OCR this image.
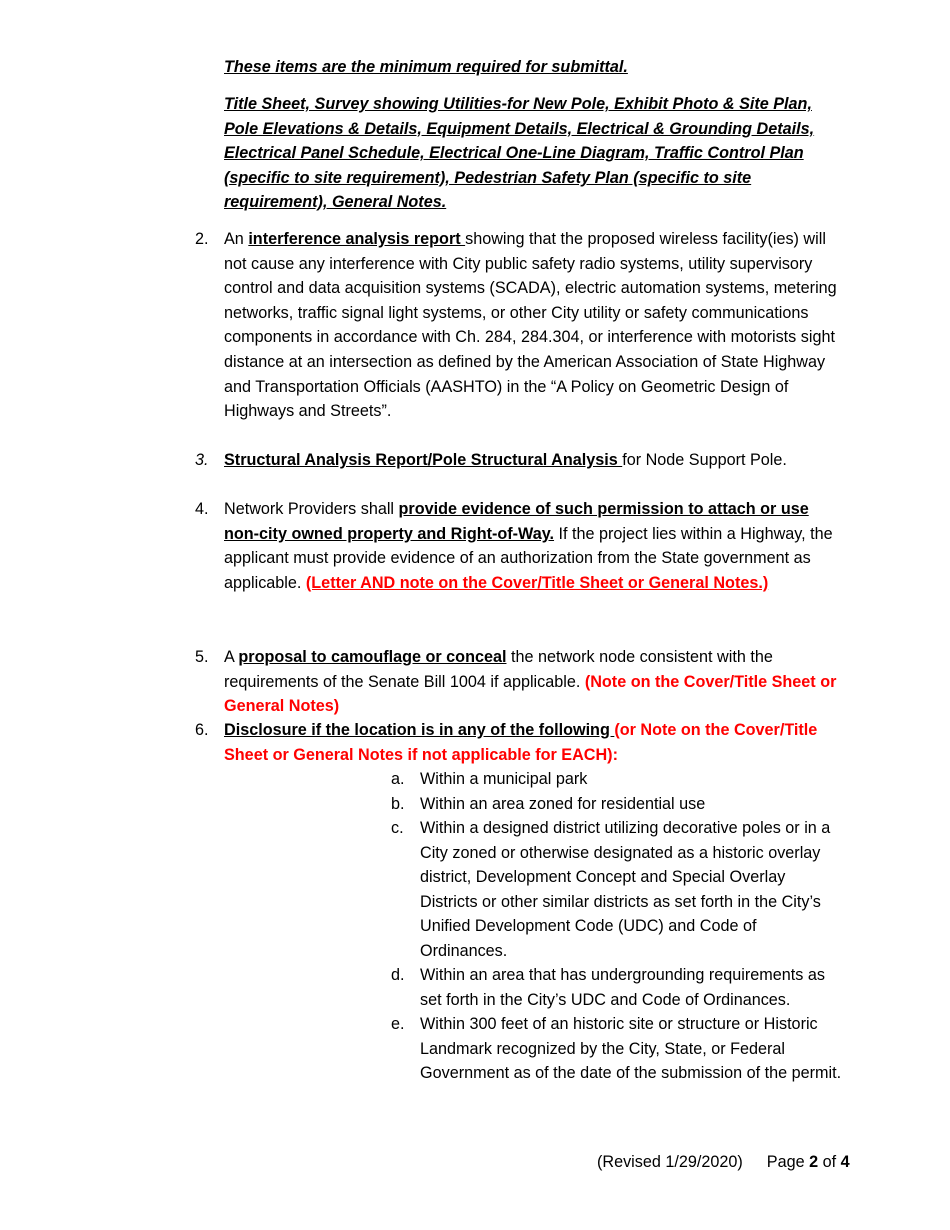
These items are the minimum required for submittal.

Title Sheet, Survey showing Utilities-for New Pole, Exhibit Photo & Site Plan, Pole Elevations & Details, Equipment Details, Electrical & Grounding Details, Electrical Panel Schedule, Electrical One-Line Diagram, Traffic Control Plan (specific to site requirement), Pedestrian Safety Plan (specific to site requirement), General Notes.

2. An interference analysis report showing that the proposed wireless facility(ies) will not cause any interference with City public safety radio systems, utility supervisory control and data acquisition systems (SCADA), electric automation systems, metering networks, traffic signal light systems, or other City utility or safety communications components in accordance with Ch. 284, 284.304, or interference with motorists sight distance at an intersection as defined by the American Association of State Highway and Transportation Officials (AASHTO) in the “A Policy on Geometric Design of Highways and Streets”.

3. Structural Analysis Report/Pole Structural Analysis for Node Support Pole.

4. Network Providers shall provide evidence of such permission to attach or use non-city owned property and Right-of-Way. If the project lies within a Highway, the applicant must provide evidence of an authorization from the State government as applicable. (Letter AND note on the Cover/Title Sheet or General Notes.)

5. A proposal to camouflage or conceal the network node consistent with the requirements of the Senate Bill 1004 if applicable. (Note on the Cover/Title Sheet or General Notes)

6. Disclosure if the location is in any of the following (or Note on the Cover/Title Sheet or General Notes if not applicable for EACH):

a. Within a municipal park

b. Within an area zoned for residential use

c. Within a designed district utilizing decorative poles or in a City zoned or otherwise designated as a historic overlay district, Development Concept and Special Overlay Districts or other similar districts as set forth in the City’s Unified Development Code (UDC) and Code of Ordinances.

d. Within an area that has undergrounding requirements as set forth in the City’s UDC and Code of Ordinances.

e. Within 300 feet of an historic site or structure or Historic Landmark recognized by the City, State, or Federal Government as of the date of the submission of the permit.

(Revised 1/29/2020) Page 2 of 4
